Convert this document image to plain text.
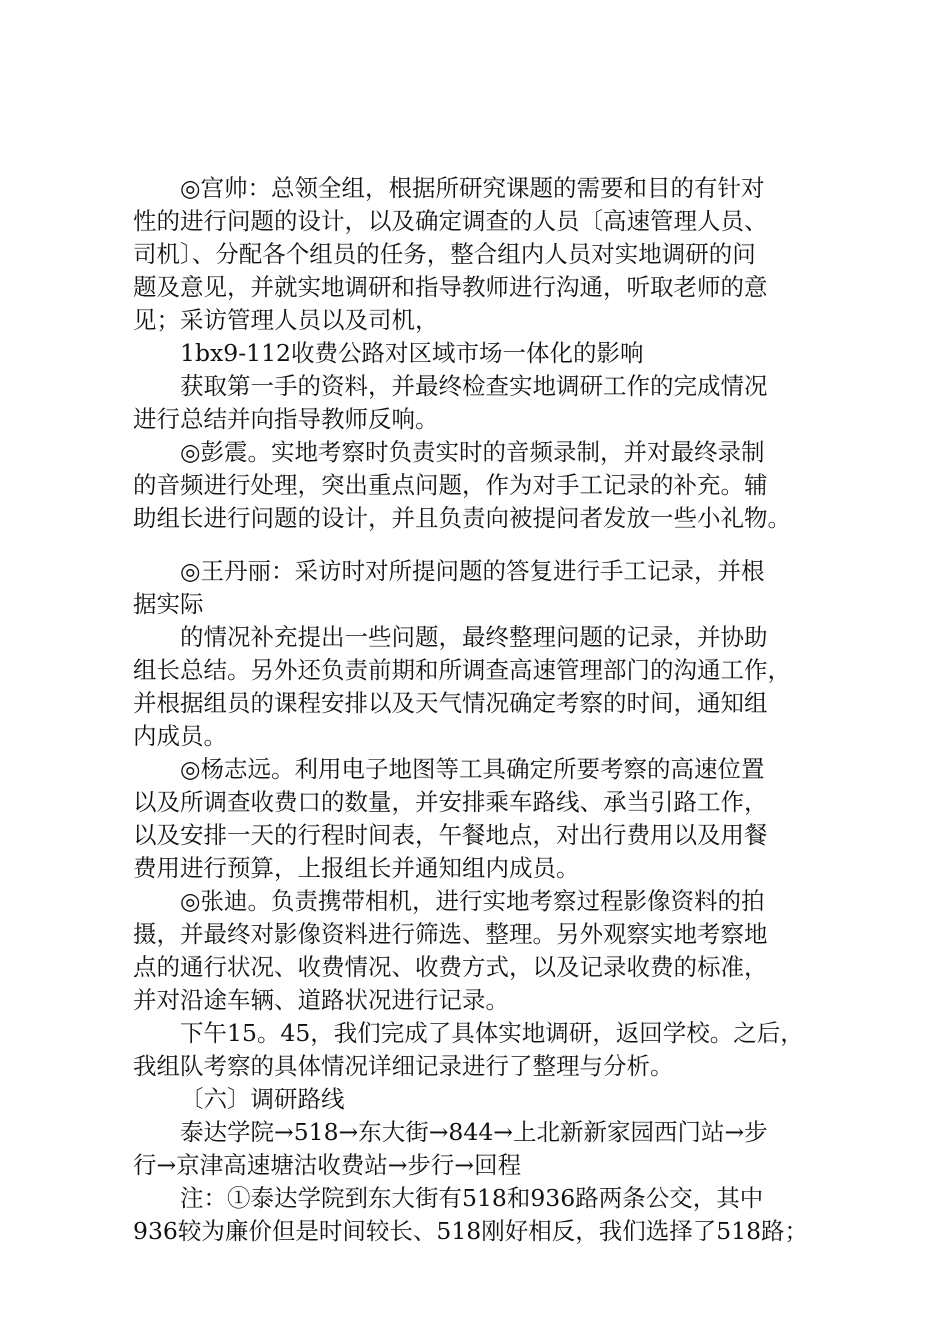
◎宫帅：总领全组，根据所研究课题的需要和目的有针对
性的进行问题的设计，以及确定调查的人员〔高速管理人员、
司机〕、分配各个组员的任务，整合组内人员对实地调研的问
题及意见，并就实地调研和指导教师进行沟通，听取老师的意
见；采访管理人员以及司机，
1bx9-112收费公路对区域市场一体化的影响
获取第一手的资料，并最终检查实地调研工作的完成情况
进行总结并向指导教师反响。
◎彭震。实地考察时负责实时的音频录制，并对最终录制
的音频进行处理，突出重点问题，作为对手工记录的补充。辅
助组长进行问题的设计，并且负责向被提问者发放一些小礼物。
◎王丹丽：采访时对所提问题的答复进行手工记录，并根
据实际
的情况补充提出一些问题，最终整理问题的记录，并协助
组长总结。另外还负责前期和所调查高速管理部门的沟通工作，
并根据组员的课程安排以及天气情况确定考察的时间，通知组
内成员。
◎杨志远。利用电子地图等工具确定所要考察的高速位置
以及所调查收费口的数量，并安排乘车路线、承当引路工作，
以及安排一天的行程时间表，午餐地点，对出行费用以及用餐
费用进行预算，上报组长并通知组内成员。
◎张迪。负责携带相机，进行实地考察过程影像资料的拍
摄，并最终对影像资料进行筛选、整理。另外观察实地考察地
点的通行状况、收费情况、收费方式，以及记录收费的标准，
并对沿途车辆、道路状况进行记录。
下午15。45，我们完成了具体实地调研，返回学校。之后，
我组队考察的具体情况详细记录进行了整理与分析。
〔六〕调研路线
泰达学院→518→东大街→844→上北新新家园西门站→步
行→京津高速塘沽收费站→步行→回程
注：①泰达学院到东大街有518和936路两条公交，其中
936较为廉价但是时间较长、518刚好相反，我们选择了518路；
